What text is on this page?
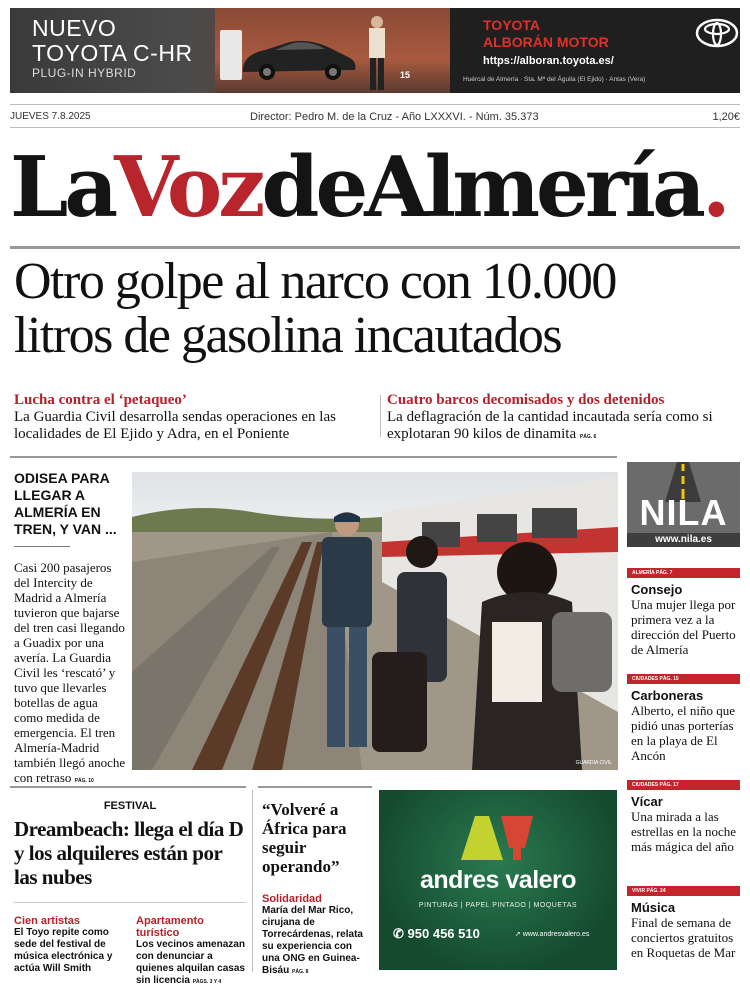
NUEVO
TOYOTA C-HR
PLUG-IN HYBRID	15
TOYOTA
ALBORÁN MOTOR
https://alboran.toyota.es/
Huércal de Almería · Sta. Mª del Águila (El Ejido) · Antas (Vera)
JUEVES 7.8.2025	Director: Pedro M. de la Cruz - Año LXXXVI. - Núm. 35.373	1,20€
LaVozdeAlmería.
Otro golpe al narco con 10.000
litros de gasolina incautados
Lucha contra el ‘petaqueo’
La Guardia Civil desarrolla sendas operaciones en las localidades de El Ejido y Adra, en el Poniente
Cuatro barcos decomisados y dos detenidos
La deflagración de la cantidad incautada sería como si explotaran 90 kilos de dinamita PÁG. 6
ODISEA PARA LLEGAR A ALMERÍA EN TREN, Y VAN ...
Casi 200 pasajeros del Intercity de Madrid a Almería tuvieron que bajarse del tren casi llegando a Guadix por una avería. La Guardia Civil les ‘rescató’ y tuvo que llevarles botellas de agua como medida de emergencia. El tren Almería-Madrid también llegó anoche con retraso PÁG. 10
GUARDIA CIVIL
NILA
www.nila.es
ALMERÍA PÁG. 7
Consejo
Una mujer llega por primera vez a la dirección del Puerto de Almería
CIUDADES PÁG. 15
Carboneras
Alberto, el niño que pidió unas porterías en la playa de El Ancón
CIUDADES PÁG. 17
Vícar
Una mirada a las estrellas en la noche más mágica del año
VIVIR PÁG. 24
Música
Final de semana de conciertos gratuitos en Roquetas de Mar
FESTIVAL
Dreambeach: llega el día D y los alquileres están por las nubes
Cien artistas
El Toyo repite como sede del festival de música electrónica y actúa Will Smith
Apartamento turístico
Los vecinos amenazan con denunciar a quienes alquilan casas sin licencia PÁGS. 3 Y 4
“Volveré a África para seguir operando”
Solidaridad
María del Mar Rico, cirujana de Torrecárdenas, relata su experiencia con una ONG en Guinea-Bisáu PÁG. 8
andres valero
PINTURAS | PAPEL PINTADO | MOQUETAS
✆ 950 456 510	➚ www.andresvalero.es
